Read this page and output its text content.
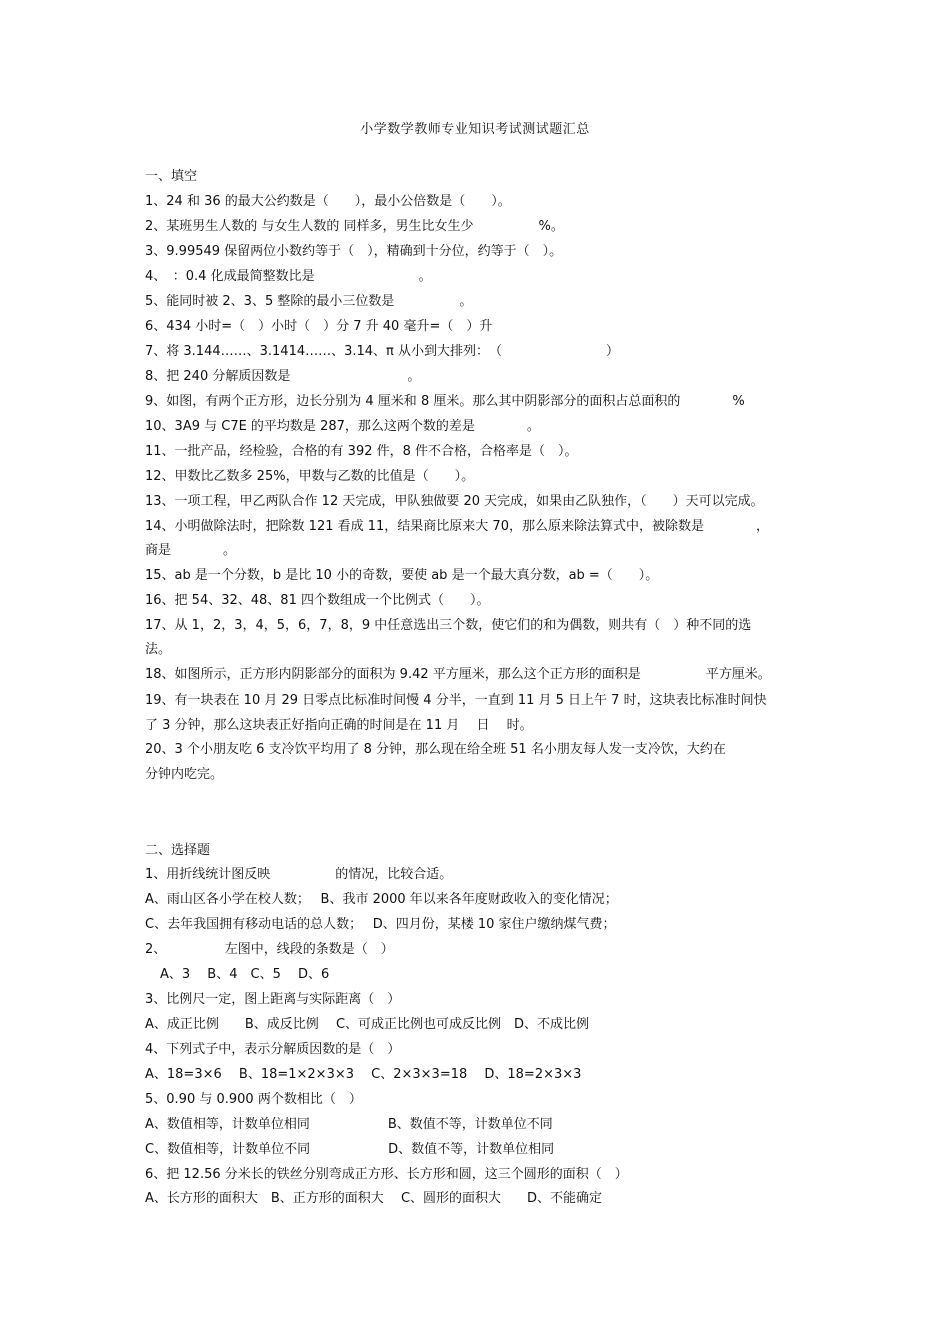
小学数学教师专业知识考试测试题汇总
一、填空
1、24 和 36 的最大公约数是（　　），最小公倍数是（　　）。
2、某班男生人数的 与女生人数的 同样多，男生比女生少　　　　　%。
3、9.99549 保留两位小数约等于（　），精确到十分位，约等于（　）。
4、　：0.4 化成最简整数比是　　　　　　　　。
5、能同时被 2、3、5 整除的最小三位数是　　　　　。
6、434 小时=（　）小时（　）分 7 升 40 毫升=（　）升
7、将 3.144……、3.1414……、3.14、π 从小到大排列：　（　　　　　　　　）
8、把 240 分解质因数是　　　　　　　　　。
9、如图，有两个正方形，边长分别为 4 厘米和 8 厘米。那么其中阴影部分的面积占总面积的　　　　%
10、3A9 与 C7E 的平均数是 287，那么这两个数的差是　　　　。
11、一批产品，经检验，合格的有 392 件，8 件不合格，合格率是（　）。
12、甲数比乙数多 25%，甲数与乙数的比值是（　　）。
13、一项工程，甲乙两队合作 12 天完成，甲队独做要 20 天完成，如果由乙队独作，（　　）天可以完成。
14、小明做除法时，把除数 121 看成 11，结果商比原来大 70，那么原来除法算式中，被除数是　　　　，
商是　　　　。
15、ab 是一个分数，b 是比 10 小的奇数，要使 ab 是一个最大真分数，ab =（　　）。
16、把 54、32、48、81 四个数组成一个比例式（　　）。
17、从 1，2，3，4，5，6，7，8，9 中任意选出三个数，使它们的和为偶数，则共有（　）种不同的选
法。
18、如图所示，正方形内阴影部分的面积为 9.42 平方厘米，那么这个正方形的面积是　　　　　平方厘米。
19、有一块表在 10 月 29 日零点比标准时间慢 4 分半，一直到 11 月 5 日上午 7 时，这块表比标准时间快
了 3 分钟，那么这块表正好指向正确的时间是在 11 月　 日　 时。
20、3 个小朋友吃 6 支冷饮平均用了 8 分钟，那么现在给全班 51 名小朋友每人发一支冷饮，大约在
分钟内吃完。
二、选择题
1、用折线统计图反映　　　　　的情况，比较合适。
A、雨山区各小学在校人数；　 B、我市 2000 年以来各年度财政收入的变化情况；
C、去年我国拥有移动电话的总人数；　 D、四月份，某楼 10 家住户缴纳煤气费；
2、　　　　　左图中，线段的条数是（　）
A、3　 B、4　C、5　 D、6
3、比例尺一定，图上距离与实际距离（　）
A、成正比例　　B、成反比例　 C、可成正比例也可成反比例　D、不成比例
4、下列式子中，表示分解质因数的是（　）
A、18=3×6　 B、18=1×2×3×3　 C、2×3×3=18　 D、18=2×3×3
5、0.90 与 0.900 两个数相比（　）
A、数值相等，计数单位相同　　　　　　B、数值不等，计数单位不同
C、数值相等，计数单位不同　　　　　　D、数值不等，计数单位相同
6、把 12.56 分米长的铁丝分别弯成正方形、长方形和圆，这三个圆形的面积（　）
A、长方形的面积大　B、正方形的面积大　 C、圆形的面积大　　D、不能确定
